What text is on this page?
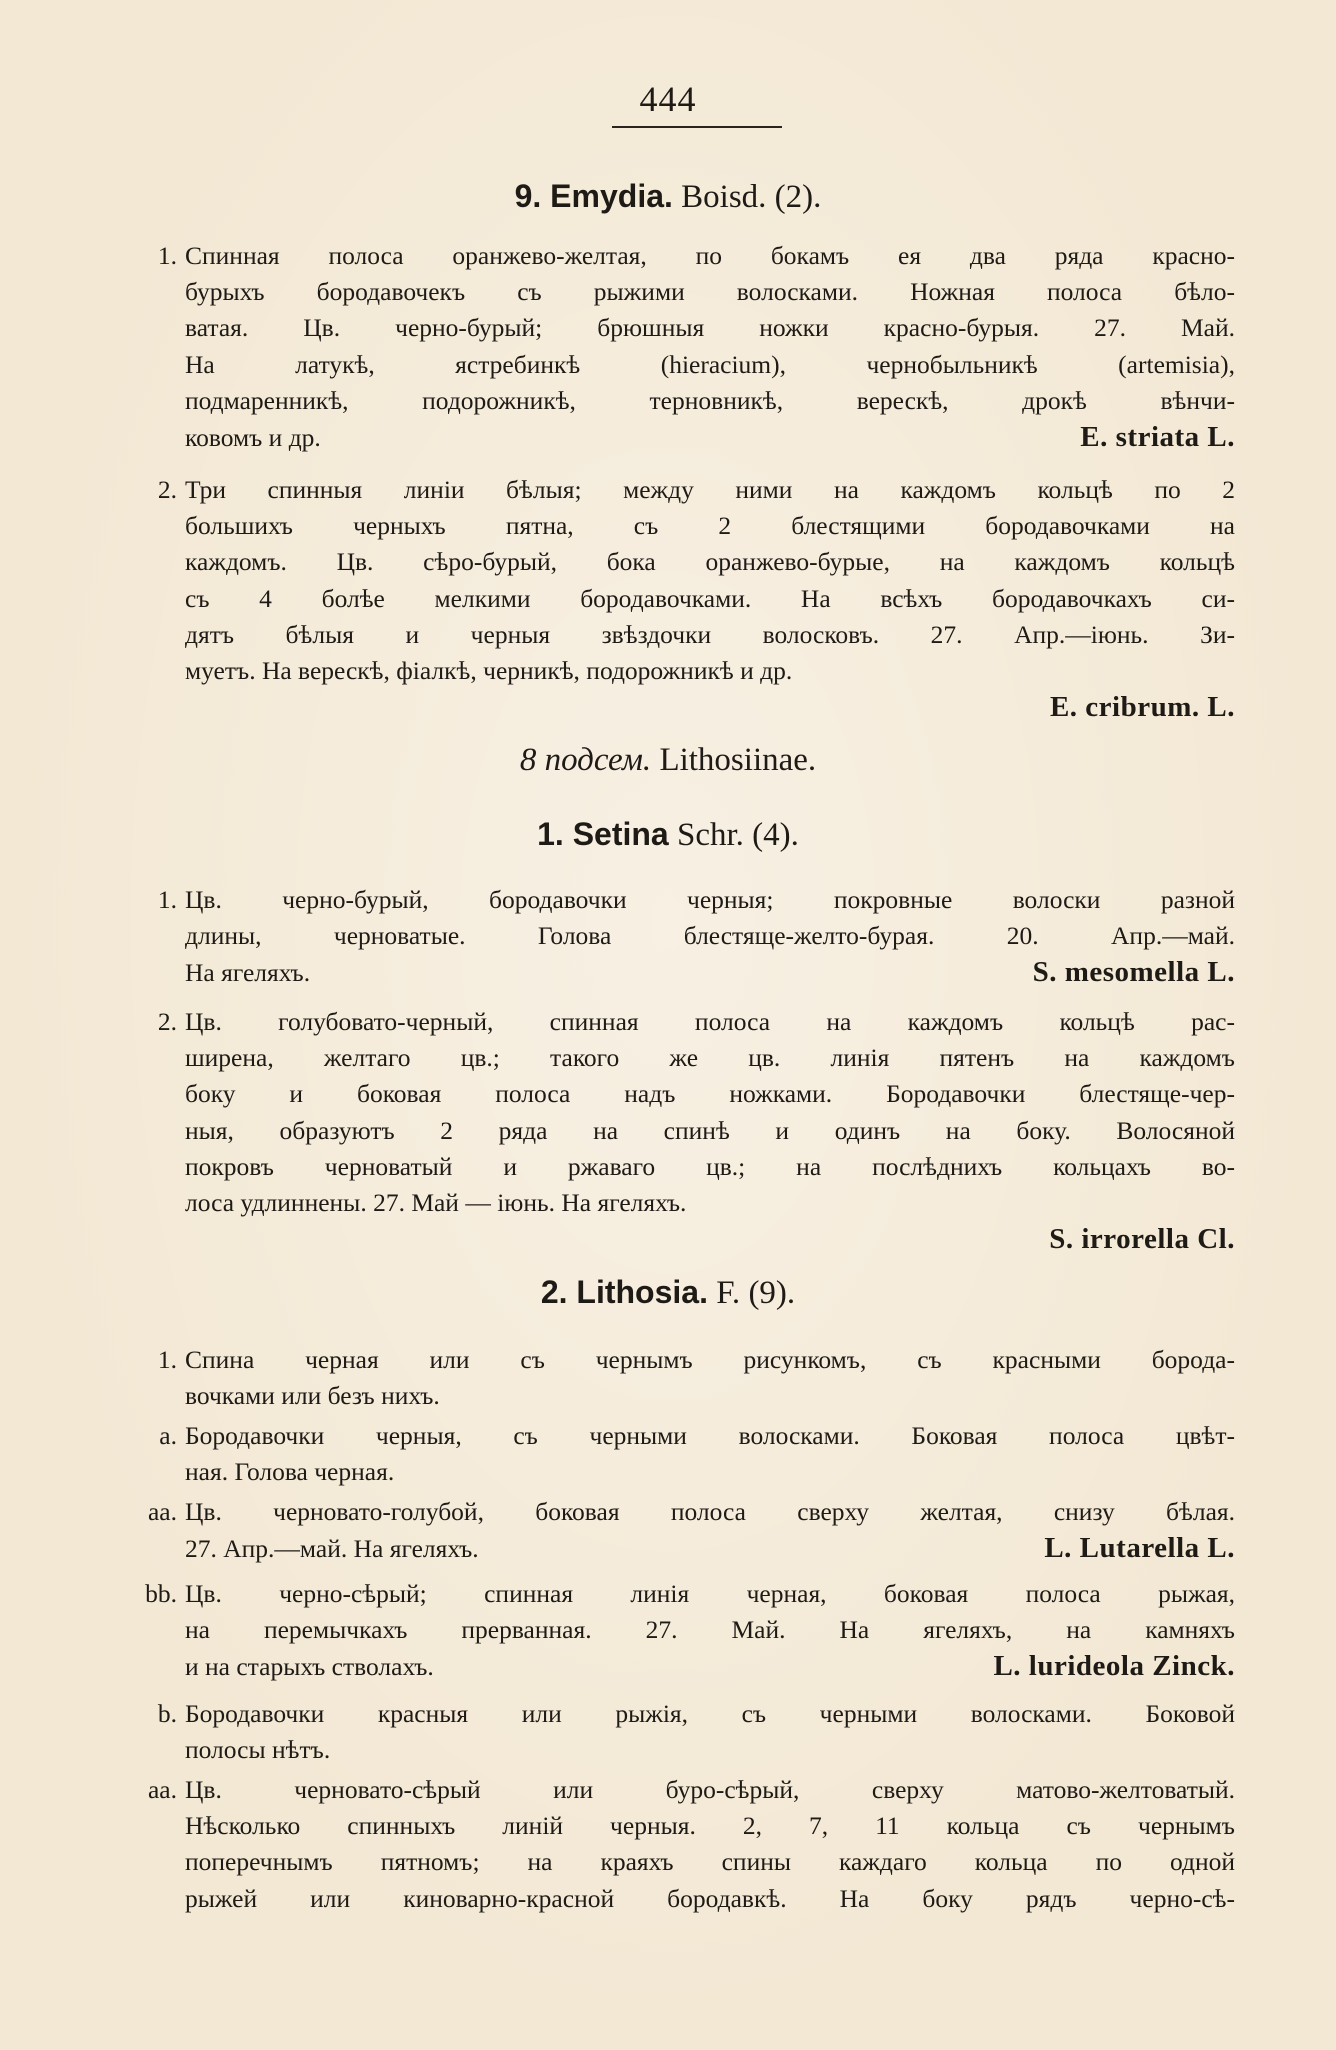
444
9. Emydia. Boisd. (2).
1. Спинная полоса оранжево-желтая, по бокамъ ея два ряда красно-
бурыхъ бородавочекъ съ рыжими волосками. Ножная полоса бѣло-
ватая. Цв. черно-бурый; брюшныя ножки красно-бурыя. 27. Май.
На латукѣ, ястребинкѣ (hieracium), чернобыльникѣ (artemisia),
подмаренникѣ, подорожникѣ, терновникѣ, верескѣ, дрокѣ вѣнчи-
ковомъ и др.	E. striata L.
2. Три спинныя линіи бѣлыя; между ними на каждомъ кольцѣ по 2
большихъ черныхъ пятна, съ 2 блестящими бородавочками на
каждомъ. Цв. сѣро-бурый, бока оранжево-бурые, на каждомъ кольцѣ
съ 4 болѣе мелкими бородавочками. На всѣхъ бородавочкахъ си-
дятъ бѣлыя и черныя звѣздочки волосковъ. 27. Апр.—іюнь. Зи-
муетъ. На верескѣ, фіалкѣ, черникѣ, подорожникѣ и др.
E. cribrum. L.
8 подсем. Lithosiinae.
1. Setina Schr. (4).
1. Цв. черно-бурый, бородавочки черныя; покровные волоски разной
длины, черноватые. Голова блестяще-желто-бурая. 20. Апр.—май.
На ягеляхъ.	S. mesomella L.
2. Цв. голубовато-черный, спинная полоса на каждомъ кольцѣ рас-
ширена, желтаго цв.; такого же цв. линія пятенъ на каждомъ
боку и боковая полоса надъ ножками. Бородавочки блестяще-чер-
ныя, образуютъ 2 ряда на спинѣ и одинъ на боку. Волосяной
покровъ черноватый и ржаваго цв.; на послѣднихъ кольцахъ во-
лоса удлиннены. 27. Май — іюнь. На ягеляхъ.
S. irrorella Cl.
2. Lithosia. F. (9).
1. Спина черная или съ чернымъ рисункомъ, съ красными борода-
вочками или безъ нихъ.
a. Бородавочки черныя, съ черными волосками. Боковая полоса цвѣт-
ная. Голова черная.
aa. Цв. черновато-голубой, боковая полоса сверху желтая, снизу бѣлая.
27. Апр.—май. На ягеляхъ.	L. Lutarella L.
bb. Цв. черно-сѣрый; спинная линія черная, боковая полоса рыжая,
на перемычкахъ прерванная. 27. Май. На ягеляхъ, на камняхъ
и на старыхъ стволахъ.	L. lurideola Zinck.
b. Бородавочки красныя или рыжія, съ черными волосками. Боковой
полосы нѣтъ.
aa. Цв. черновато-сѣрый или буро-сѣрый, сверху матово-желтоватый.
Нѣсколько спинныхъ линій черныя. 2, 7, 11 кольца съ чернымъ
поперечнымъ пятномъ; на краяхъ спины каждаго кольца по одной
рыжей или киноварно-красной бородавкѣ. На боку рядъ черно-сѣ-
